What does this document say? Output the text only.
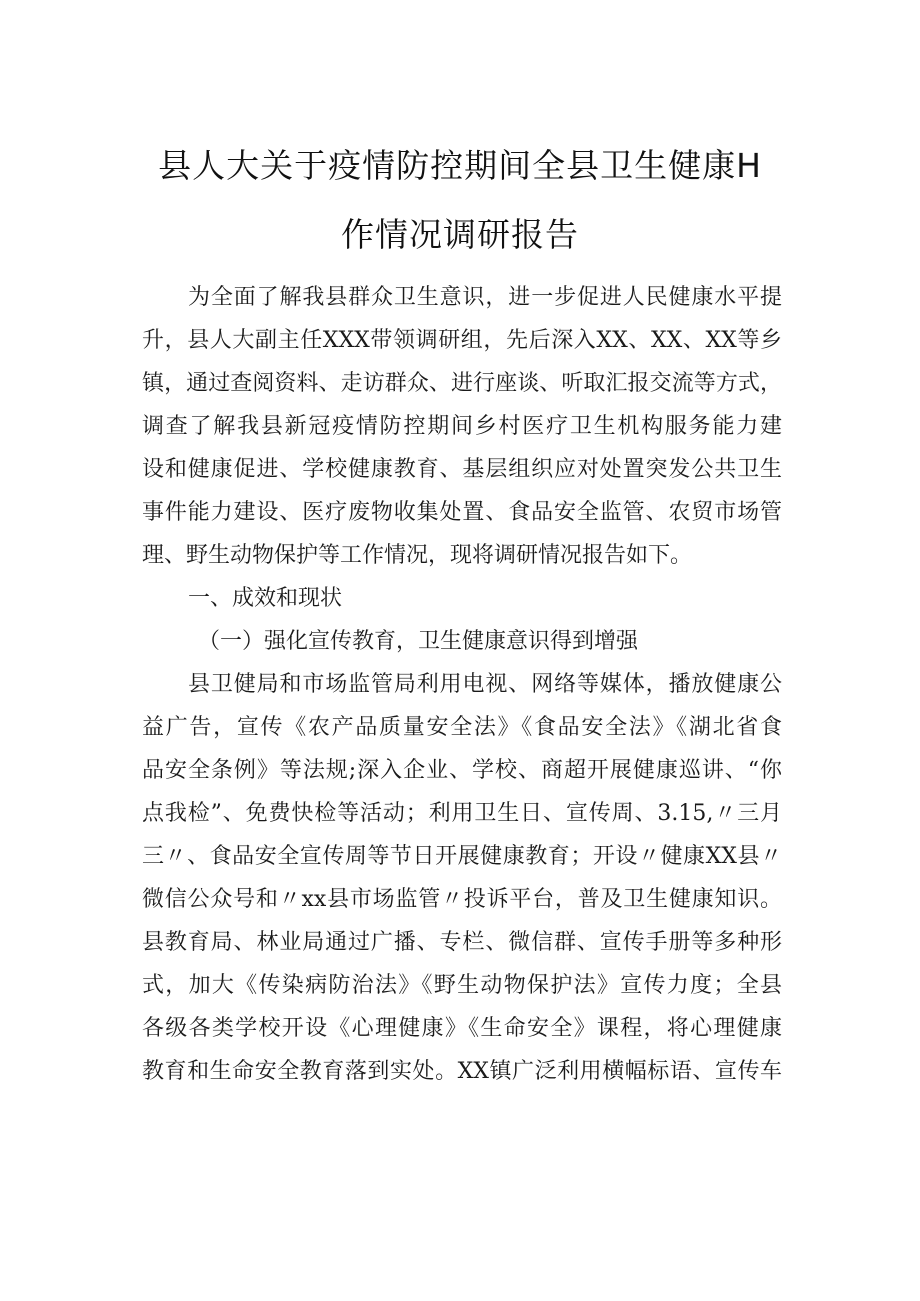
县人大关于疫情防控期间全县卫生健康H
作情况调研报告
为全面了解我县群众卫生意识，进一步促进人民健康水平提
升，县人大副主任XXX带领调研组，先后深入XX、XX、XX等乡
镇，通过查阅资料、走访群众、进行座谈、听取汇报交流等方式，
调查了解我县新冠疫情防控期间乡村医疗卫生机构服务能力建
设和健康促进、学校健康教育、基层组织应对处置突发公共卫生
事件能力建设、医疗废物收集处置、食品安全监管、农贸市场管
理、野生动物保护等工作情况，现将调研情况报告如下。
一、成效和现状
（一）强化宣传教育，卫生健康意识得到增强
县卫健局和市场监管局利用电视、网络等媒体，播放健康公
益广告，宣传《农产品质量安全法》《食品安全法》《湖北省食
品安全条例》等法规;深入企业、学校、商超开展健康巡讲、“你
点我检”、免费快检等活动；利用卫生日、宣传周、3.15,〃三月
三〃、食品安全宣传周等节日开展健康教育；开设〃健康XX县〃
微信公众号和〃xx县市场监管〃投诉平台，普及卫生健康知识。
县教育局、林业局通过广播、专栏、微信群、宣传手册等多种形
式，加大《传染病防治法》《野生动物保护法》宣传力度；全县
各级各类学校开设《心理健康》《生命安全》课程，将心理健康
教育和生命安全教育落到实处。XX镇广泛利用横幅标语、宣传车
